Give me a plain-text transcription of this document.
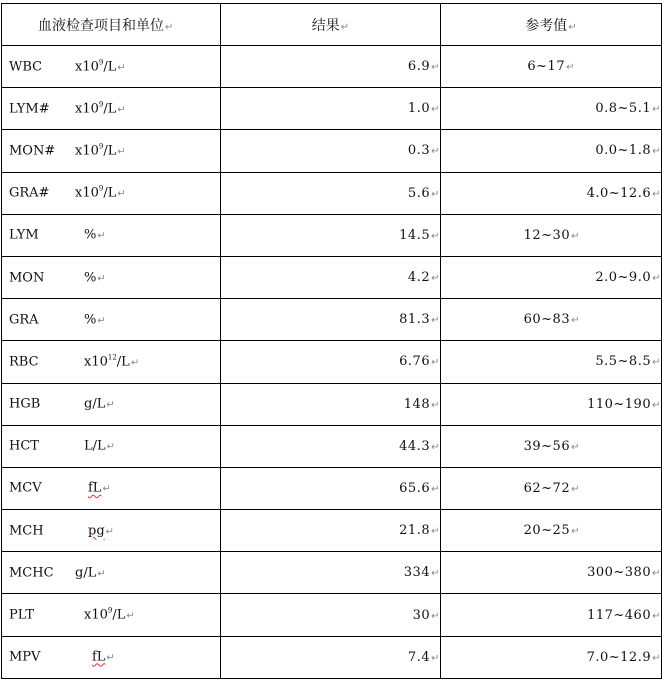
血液检查项目和单位↵	结果↵	参考值↵

WBC $x10^9/L↵$	6.9↵	6~17↵

LYM# $x10^9/L↵$	1.0↵	0.8~5.1↵

MON# $x10^9/L↵$	0.3↵	0.0~1.8↵

GRA# $x10^9/L↵$	5.6↵	4.0~12.6↵

LYM %↵	14.5↵	12~30↵

MON %↵	4.2↵	2.0~9.0↵

GRA %↵	81.3↵	60~83↵

RBC $x10^{12}/L↵$	6.76↵	5.5~8.5↵

HGB g/L↵	148↵	110~190↵

HCT L/L↵	44.3↵	39~56↵

MCV fL↵	65.6↵	62~72↵

MCH pg↵	21.8↵	20~25↵

MCHC g/L↵	334↵	300~380↵

PLT $x10^9/L↵$	30↵	117~460↵

MPV fL↵	7.4↵	7.0~12.9↵
